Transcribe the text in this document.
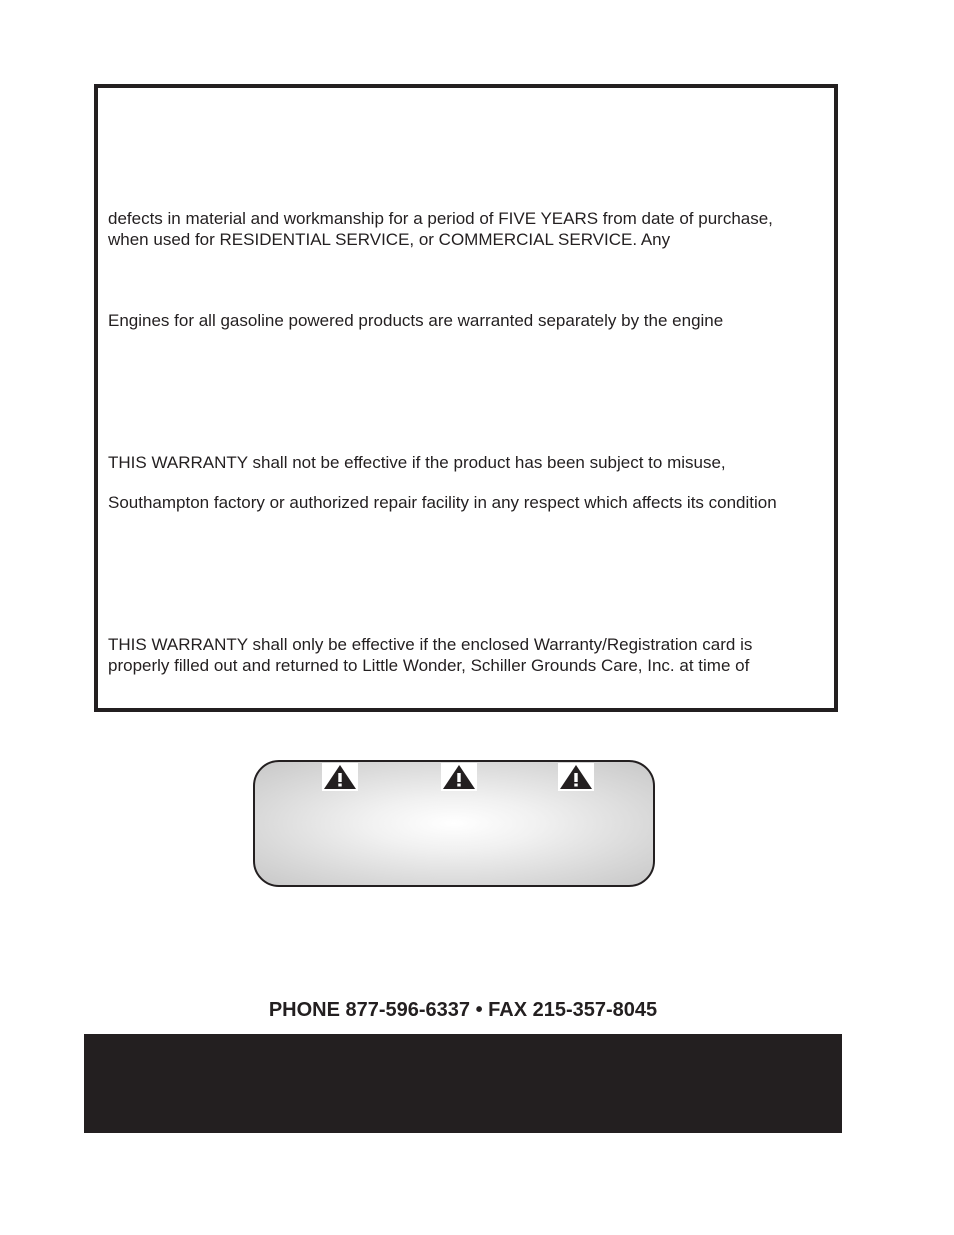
defects in material and workmanship for a period of FIVE YEARS from date of purchase,
when used for RESIDENTIAL SERVICE, or COMMERCIAL SERVICE. Any
Engines for all gasoline powered products are warranted separately by the engine
THIS WARRANTY shall not be effective if the product has been subject to misuse,
Southampton factory or authorized repair facility in any respect which affects its condition
THIS WARRANTY shall only be effective if the enclosed Warranty/Registration card is
properly filled out and returned to Little Wonder, Schiller Grounds Care, Inc. at time of
PHONE 877-596-6337 • FAX 215-357-8045
